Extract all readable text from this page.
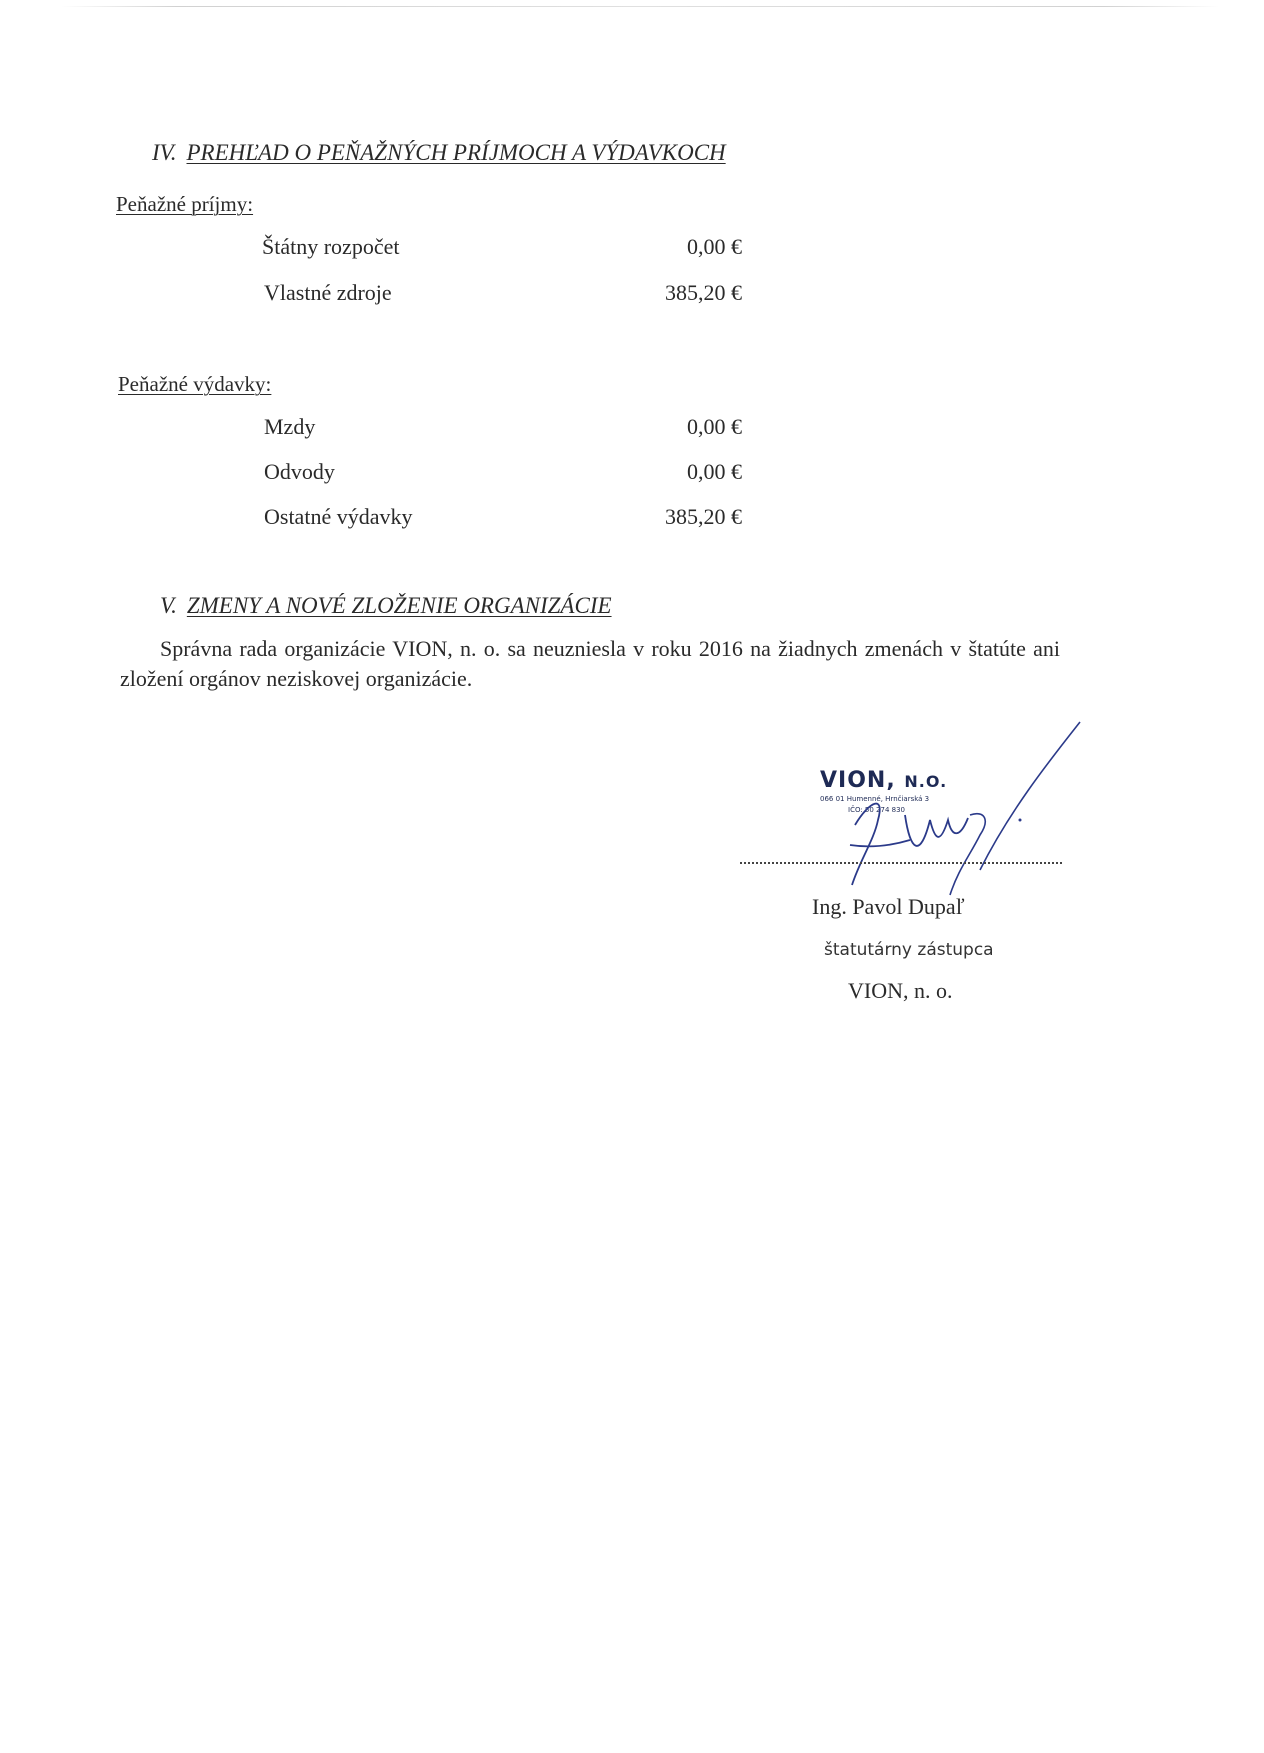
IV. PREHĽAD O PEŇAŽNÝCH PRÍJMOCH A VÝDAVKOCH
Peňažné príjmy:
Štátny rozpočet	0,00 €
Vlastné zdroje	385,20 €
Peňažné výdavky:
Mzdy	0,00 €
Odvody	0,00 €
Ostatné výdavky	385,20 €
V. ZMENY A NOVÉ ZLOŽENIE ORGANIZÁCIE
Správna rada organizácie VION, n. o. sa neuzniesla v roku 2016 na žiadnych zmenách v štatúte ani zložení orgánov neziskovej organizácie.
VION, N.O.
066 01 Humenné, Hrnčiarská 3
IČO: 50 274 830
Ing. Pavol Dupaľ
štatutárny zástupca
VION, n. o.
